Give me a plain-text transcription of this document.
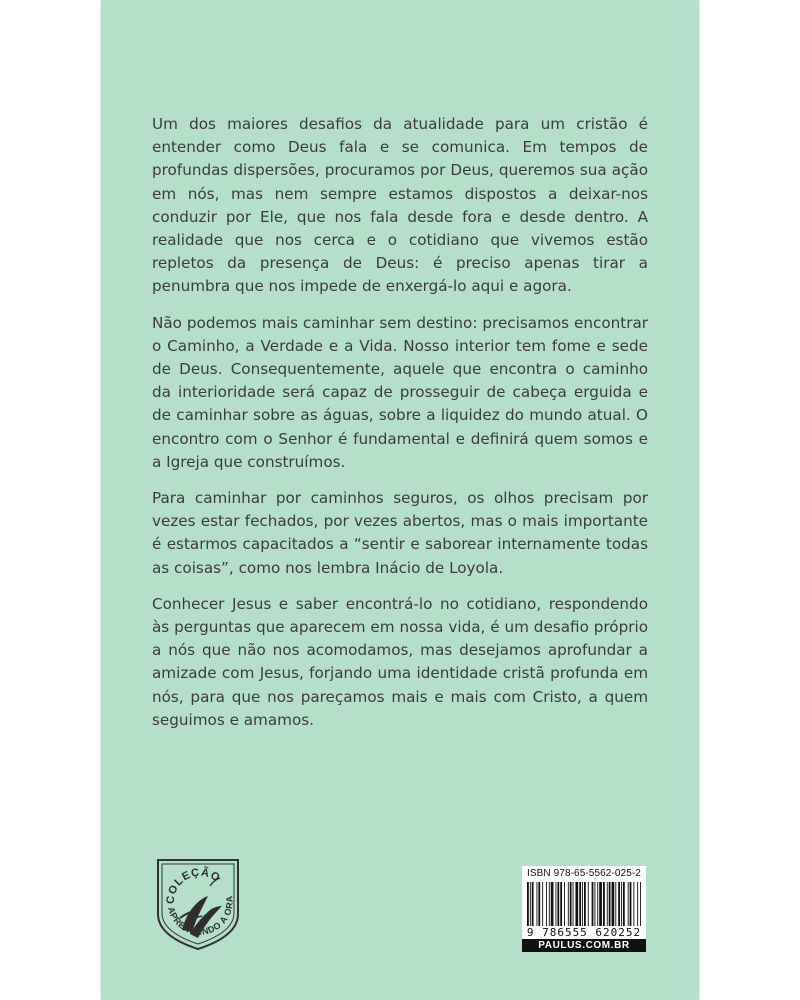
Um dos maiores desafios da atualidade para um cristão é entender como Deus fala e se comunica. Em tempos de profundas dispersões, procuramos por Deus, queremos sua ação em nós, mas nem sempre estamos dispostos a deixar-nos conduzir por Ele, que nos fala desde fora e desde dentro. A realidade que nos cerca e o cotidiano que vivemos estão repletos da presença de Deus: é preciso apenas tirar a penumbra que nos impede de enxergá-lo aqui e agora.

Não podemos mais caminhar sem destino: precisamos encontrar o Caminho, a Verdade e a Vida. Nosso interior tem fome e sede de Deus. Consequentemente, aquele que encontra o caminho da interioridade será capaz de prosseguir de cabeça erguida e de caminhar sobre as águas, sobre a liquidez do mundo atual. O encontro com o Senhor é fundamental e definirá quem somos e a Igreja que construímos.

Para caminhar por caminhos seguros, os olhos precisam por vezes estar fechados, por vezes abertos, mas o mais importante é estarmos capacitados a “sentir e saborear internamente todas as coisas”, como nos lembra Inácio de Loyola.

Conhecer Jesus e saber encontrá-lo no cotidiano, respondendo às perguntas que aparecem em nossa vida, é um desafio próprio a nós que não nos acomodamos, mas desejamos aprofundar a amizade com Jesus, forjando uma identidade cristã profunda em nós, para que nos pareçamos mais e mais com Cristo, a quem seguimos e amamos.

COLEÇÃO
APRENDENDO A ORA
ISBN 978-65-5562-025-2
9 786555 620252
PAULUS.COM.BR
